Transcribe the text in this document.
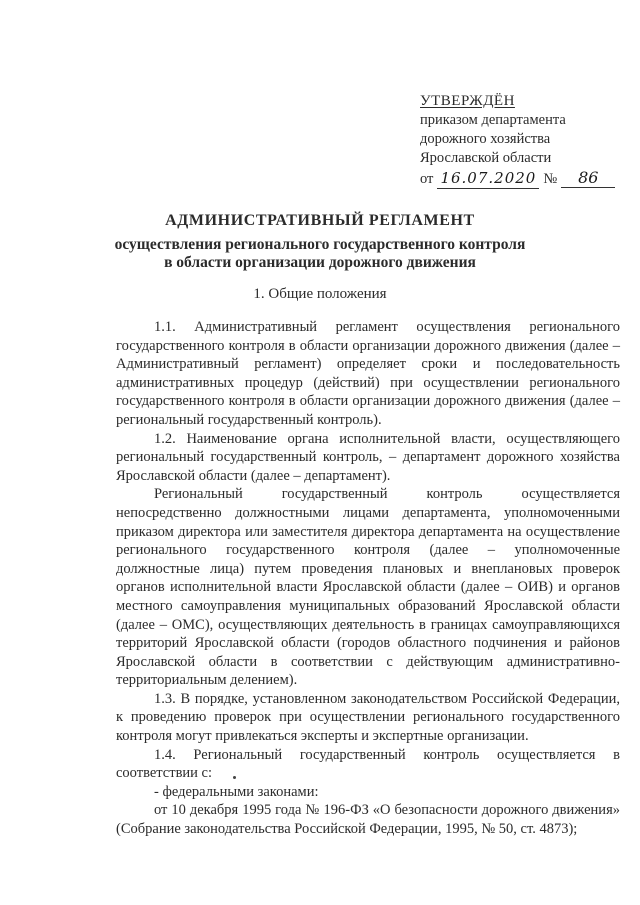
УТВЕРЖДЁН
приказом департамента
дорожного хозяйства
Ярославской области
от 16.07.2020 №	86
АДМИНИСТРАТИВНЫЙ РЕГЛАМЕНТ
осуществления регионального государственного контроля
в области организации дорожного движения
1. Общие положения

1.1. Административный регламент осуществления регионального государственного контроля в области организации дорожного движения (далее – Административный регламент) определяет сроки и последовательность административных процедур (действий) при осуществлении регионального государственного контроля в области организации дорожного движения (далее – региональный государственный контроль).

1.2. Наименование органа исполнительной власти, осуществляющего региональный государственный контроль, – департамент дорожного хозяйства Ярославской области (далее – департамент).

Региональный государственный контроль осуществляется непосредственно должностными лицами департамента, уполномоченными приказом директора или заместителя директора департамента на осуществление регионального государственного контроля (далее – уполномоченные должностные лица) путем проведения плановых и внеплановых проверок органов исполнительной власти Ярославской области (далее – ОИВ) и органов местного самоуправления муниципальных образований Ярославской области (далее – ОМС), осуществляющих деятельность в границах самоуправляющихся территорий Ярославской области (городов областного подчинения и районов Ярославской области в соответствии с действующим административно-территориальным делением).

1.3. В порядке, установленном законодательством Российской Федерации, к проведению проверок при осуществлении регионального государственного контроля могут привлекаться эксперты и экспертные организации.

1.4. Региональный государственный контроль осуществляется в соответствии с:

- федеральными законами:

от 10 декабря 1995 года № 196-ФЗ «О безопасности дорожного движения» (Собрание законодательства Российской Федерации, 1995, № 50, ст. 4873);
